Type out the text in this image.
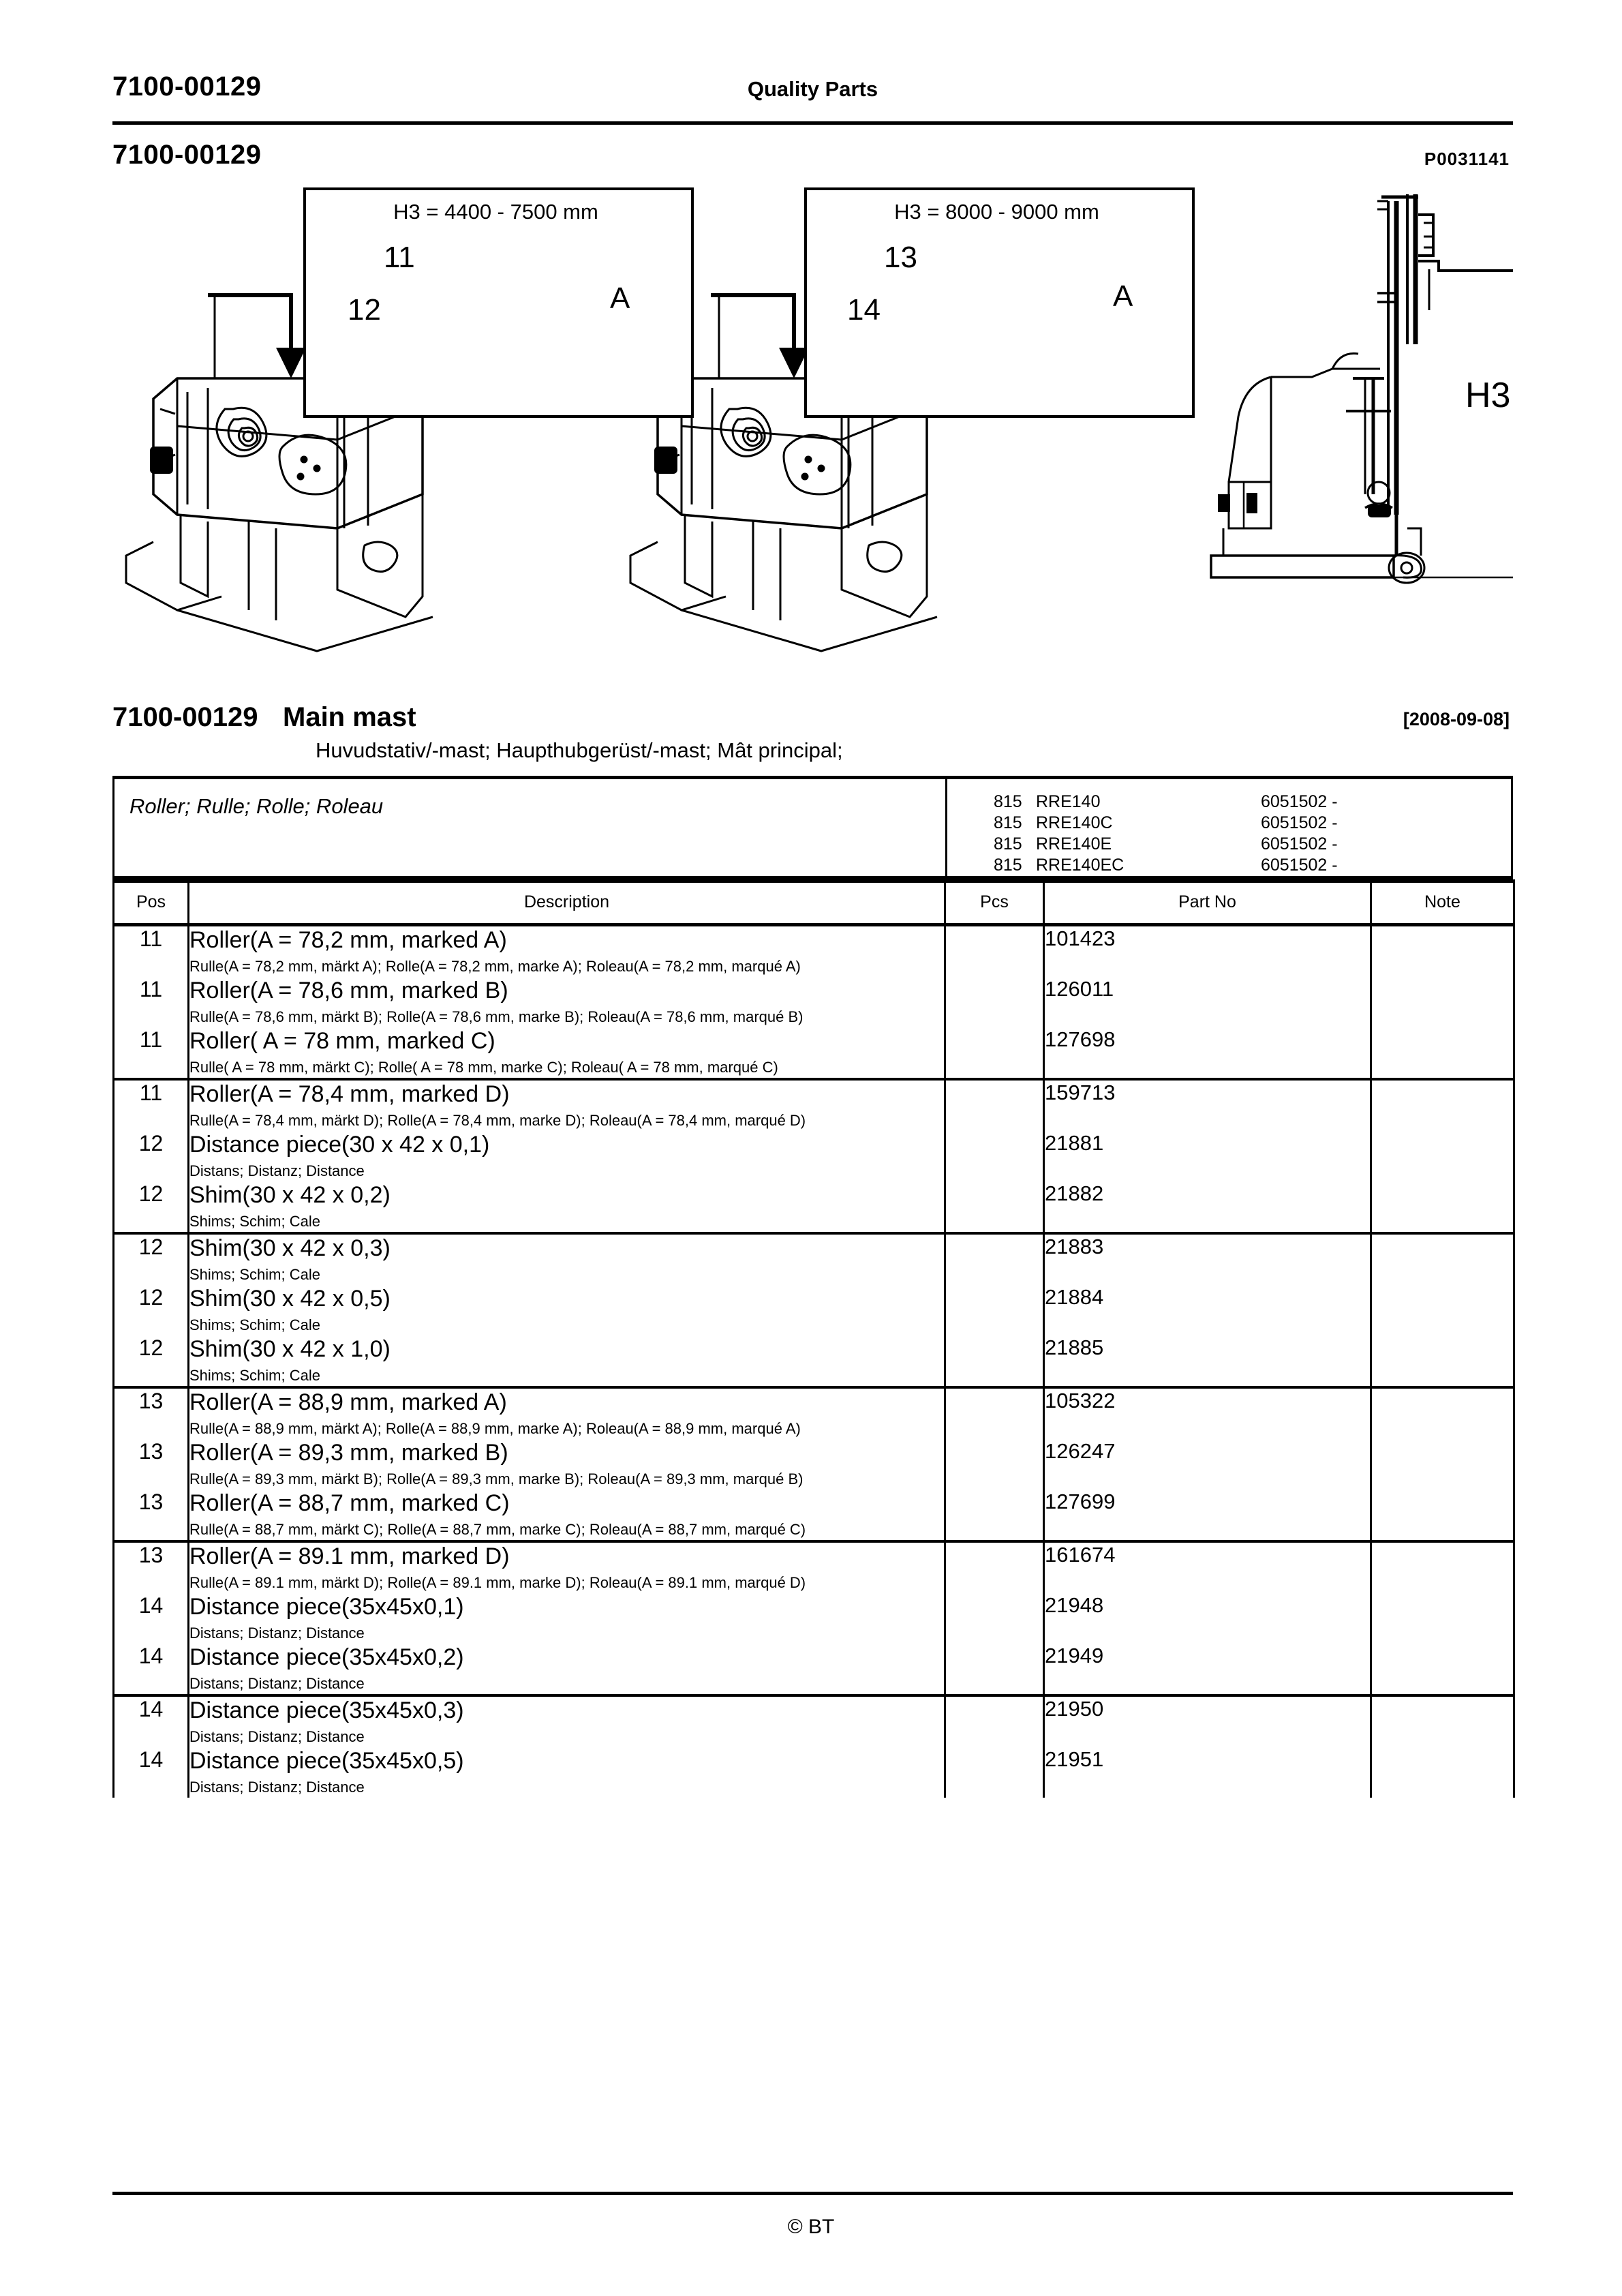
7100-00129	Quality Parts
7100-00129	P0031141
H3 = 4400 - 7500 mm
11
12	A
H3 = 8000 - 9000 mm
13
14	A
H3
7100-00129 Main mast	[2008-09-08]
Huvudstativ/-mast; Haupthubgerüst/-mast; Mât principal;
Roller; Rulle; Rolle; Roleau	815 RRE140	6051502 -
815 RRE140C	6051502 -
815 RRE140E	6051502 -
815 RRE140EC	6051502 -
Pos	Description	Pcs	Part No	Note
11	Roller(A = 78,2 mm, marked A)
Rulle(A = 78,2 mm, märkt A); Rolle(A = 78,2 mm, marke A); Roleau(A = 78,2 mm, marqué A)		101423	
11	Roller(A = 78,6 mm, marked B)
Rulle(A = 78,6 mm, märkt B); Rolle(A = 78,6 mm, marke B); Roleau(A = 78,6 mm, marqué B)		126011	
11	Roller( A = 78 mm, marked C)
Rulle( A = 78 mm, märkt C); Rolle( A = 78 mm, marke C); Roleau( A = 78 mm, marqué C)		127698	
11	Roller(A = 78,4 mm, marked D)
Rulle(A = 78,4 mm, märkt D); Rolle(A = 78,4 mm, marke D); Roleau(A = 78,4 mm, marqué D)		159713	
12	Distance piece(30 x 42 x 0,1)
Distans; Distanz; Distance		21881	
12	Shim(30 x 42 x 0,2)
Shims; Schim; Cale		21882	
12	Shim(30 x 42 x 0,3)
Shims; Schim; Cale		21883	
12	Shim(30 x 42 x 0,5)
Shims; Schim; Cale		21884	
12	Shim(30 x 42 x 1,0)
Shims; Schim; Cale		21885	
13	Roller(A = 88,9 mm, marked A)
Rulle(A = 88,9 mm, märkt A); Rolle(A = 88,9 mm, marke A); Roleau(A = 88,9 mm, marqué A)		105322	
13	Roller(A = 89,3 mm, marked B)
Rulle(A = 89,3 mm, märkt B); Rolle(A = 89,3 mm, marke B); Roleau(A = 89,3 mm, marqué B)		126247	
13	Roller(A = 88,7 mm, marked C)
Rulle(A = 88,7 mm, märkt C); Rolle(A = 88,7 mm, marke C); Roleau(A = 88,7 mm, marqué C)		127699	
13	Roller(A = 89.1 mm, marked D)
Rulle(A = 89.1 mm, märkt D); Rolle(A = 89.1 mm, marke D); Roleau(A = 89.1 mm, marqué D)		161674	
14	Distance piece(35x45x0,1)
Distans; Distanz; Distance		21948	
14	Distance piece(35x45x0,2)
Distans; Distanz; Distance		21949	
14	Distance piece(35x45x0,3)
Distans; Distanz; Distance		21950	
14	Distance piece(35x45x0,5)
Distans; Distanz; Distance		21951	
© BT
